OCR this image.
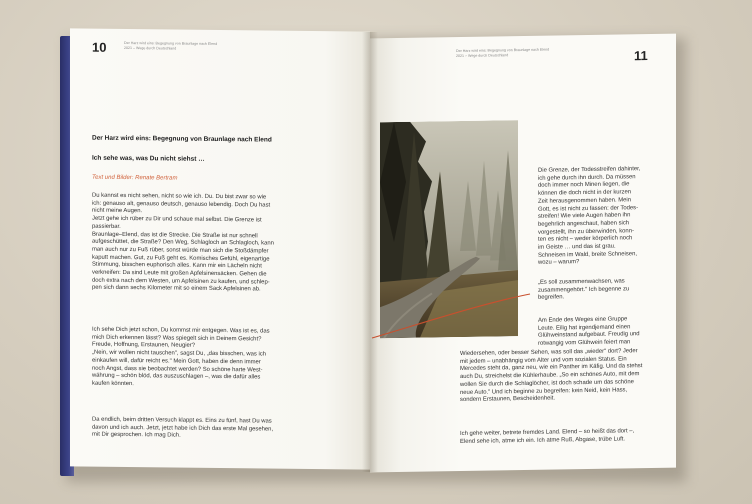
10	Der Harz wird eins: Begegnung von Braunlage nach Elend
2021 – Wege durch Deutschland

Der Harz wird eins: Begegnung von Braunlage nach Elend

Ich sehe was, was Du nicht siehst …

Text und Bilder: Renate Bertram

Du kannst es nicht sehen, nicht so wie ich. Du. Du bist zwar so wie
ich: genauso alt, genauso deutsch, genauso lebendig. Doch Du hast
nicht meine Augen.
Jetzt gehe ich rüber zu Dir und schaue mal selbst. Die Grenze ist
passierbar.
Braunlage–Elend, das ist die Strecke. Die Straße ist nur schnell
aufgeschüttet, die Straße? Den Weg, Schlagloch an Schlagloch, kann
man auch nur zu Fuß rüber, sonst würde man sich die Stoßdämpfer
kaputt machen. Gut, zu Fuß geht es. Komisches Gefühl, eigenartige
Stimmung, bisschen euphorisch alles. Kann mir ein Lächeln nicht
verkneifen: Da sind Leute mit großen Apfelsinensäcken. Gehen die
doch extra nach dem Westen, um Apfelsinen zu kaufen, und schlep-
pen sich dann sechs Kilometer mit so einem Sack Apfelsinen ab.
Ich sehe Dich jetzt schon, Du kommst mir entgegen. Was ist es, das
mich Dich erkennen lässt? Was spiegelt sich in Deinem Gesicht?
Freude, Hoffnung, Erstaunen, Neugier?
„Nein, wir wollen nicht tauschen", sagst Du, „das bisschen, was ich
einkaufen will, dafür reicht es." Mein Gott, haben die denn immer
noch Angst, dass sie beobachtet werden? So schöne harte West-
währung – schön blöd, das auszuschlagen –, was die dafür alles
kaufen könnten.
Da endlich, beim dritten Versuch klappt es. Eins zu fünf, hast Du was
davon und ich auch. Jetzt, jetzt habe ich Dich das erste Mal gesehen,
mit Dir gesprochen. Ich mag Dich.
Der Harz wird eins: Begegnung von Braunlage nach Elend
2021 – Wege durch Deutschland	11
Die Grenze, der Todesstreifen dahinter,
ich gehe durch ihn durch. Da müssen
doch immer noch Minen liegen, die
können die doch nicht in der kurzen
Zeit herausgenommen haben. Mein
Gott, es ist nicht zu fassen: der Todes-
streifen! Wie viele Augen haben ihn
begehrlich angeschaut, haben sich
vorgestellt, ihn zu überwinden, konn-
ten es nicht – weder körperlich noch
im Geiste … und das ist grau.
Schneisen im Wald, breite Schneisen,
wozu – warum?
„Es soll zusammenwachsen, was
zusammengehört." Ich begenne zu
begreifen.
Am Ende des Weges eine Gruppe
Leute. Eilig hat irgendjemand einen
Glühweinstand aufgebaut. Freudig und
rotwangig vom Glühwein feiert man
Wiedersehen, oder besser Sehen, was soll das „wieder" dort? Jeder
mit jedem – unabhängig vom Alter und vom sozialen Status. Ein
Mercedes steht da, ganz neu, wie ein Panther im Käfig. Und da stehst
auch Du, streichelst die Kühlerhaube. „So ein schönes Auto, mit dem
wollen Sie durch die Schlaglöcher, ist doch schade um das schöne
neue Auto." Und ich beginne zu begreifen: kein Neid, kein Hass,
sondern Erstaunen, Bescheidenheit.
Ich gehe weiter, betrete fremdes Land. Elend – so heißt das dort –,
Elend sehe ich, atme ich ein. Ich atme Ruß, Abgase, trübe Luft.
